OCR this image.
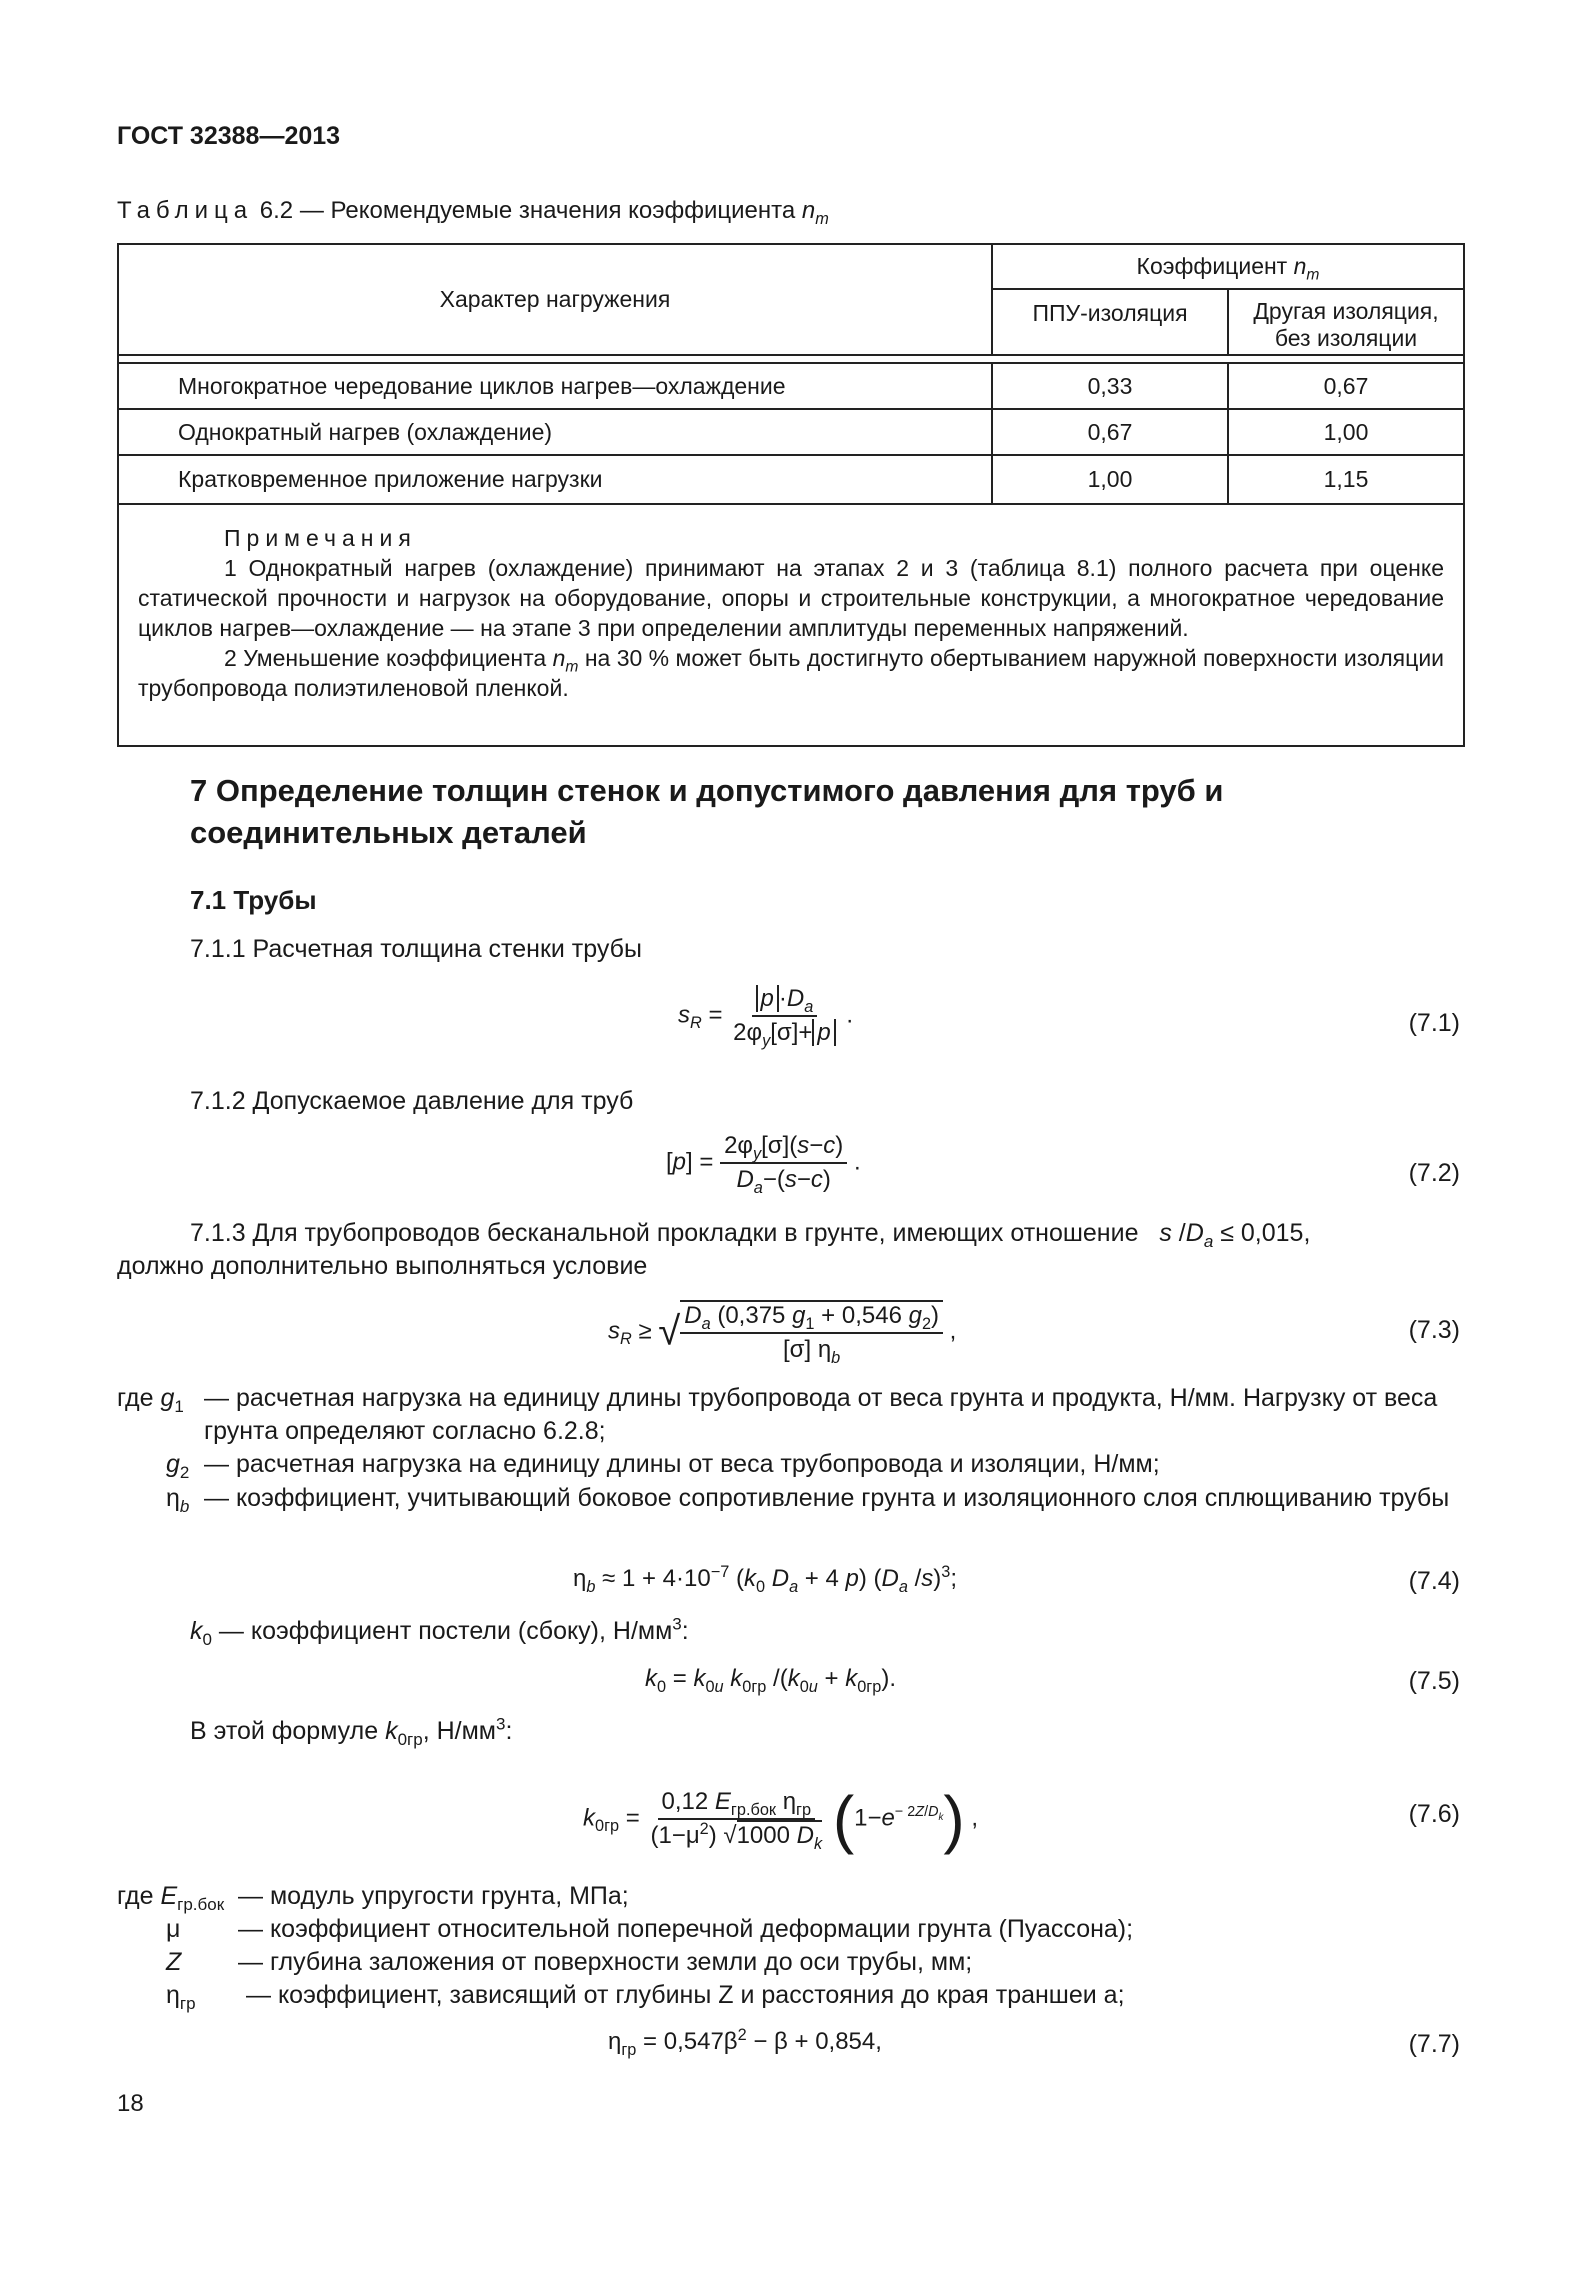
ГОСТ 32388—2013
Таблица 6.2 — Рекомендуемые значения коэффициента $n_m$
Характер нагружения	Коэффициент $n_m$
	ППУ-изоляция	Другая изоляция, без изоляции

Многократное чередование циклов нагрев—охлаждение	0,33	0,67
Однократный нагрев (охлаждение)	0,67	1,00
Кратковременное приложение нагрузки	1,00	1,15

Примечания

1 Однократный нагрев (охлаждение) принимают на этапах 2 и 3 (таблица 8.1) полного расчета при оценке статической прочности и нагрузок на оборудование, опоры и строительные конструкции, а многократное чередование циклов нагрев—охлаждение — на этапе 3 при определении амплитуды переменных напряжений.

2 Уменьшение коэффициента $n_m$ на 30 % может быть достигнуто обертыванием наружной поверхности изоляции трубопровода полиэтиленовой пленкой.

7 Определение толщин стенок и допустимого давления для труб и соединительных деталей
7.1 Трубы
7.1.1 Расчетная толщина стенки трубы
$s_R = \frac{p \cdot D_a}{2\varphi_y[\sigma]+ p}$ .	(7.1)
7.1.2 Допускаемое давление для труб
$[p] = \frac{2\varphi_y[\sigma](s-c)}{D_a-(s-c)}$ .	(7.2)
7.1.3 Для трубопроводов бесканальной прокладки в грунте, имеющих отношение s $/D_a \le 0,015$,
должно дополнительно выполняться условие
$s_R$ ≥ √ $\frac{D_a (0,375 g_1 + 0,546 g_2)}{[\sigma] \eta_b}$ ,	(7.3)
где $g_1$ — расчетная нагрузка на единицу длины трубопровода от веса грунта и продукта, Н/мм. Нагрузку от веса грунта определяют согласно 6.2.8;
$g_2$ — расчетная нагрузка на единицу длины от веса трубопровода и изоляции, Н/мм;
$\eta_b$ — коэффициент, учитывающий боковое сопротивление грунта и изоляционного слоя сплющиванию трубы
$\eta_b \approx 1 + 4\cdot 10^{-7}$ ($k_0$ $D_a + 4$ p) ($D_a$ /s)$^3$;	(7.4)
$k_0$ — коэффициент постели (сбоку), $Н/мм^3$:
$k_0 = k_{0u}$ $k_{0гр}$ $/(k_{0u} + k_{0гр})$.	(7.5)
В этой формуле $k_{0гр}$, $Н/мм^3$:
$k_{0гр} = \frac{0,12 E_{гр.бок} \eta_{гр}}{(1-\mu^2) √1000 D_k} (1-e^{- 2Z/D_k})$ ,	(7.6)
где $E_{гр.бок}$ — модуль упругости грунта, МПа;
μ — коэффициент относительной поперечной деформации грунта (Пуассона);
Z — глубина заложения от поверхности земли до оси трубы, мм;
$\eta_{гр}$ — коэффициент, зависящий от глубины Z и расстояния до края траншеи a;
$\eta_{гр} = 0,547\beta^2 - \beta + 0,854$,	(7.7)
18
